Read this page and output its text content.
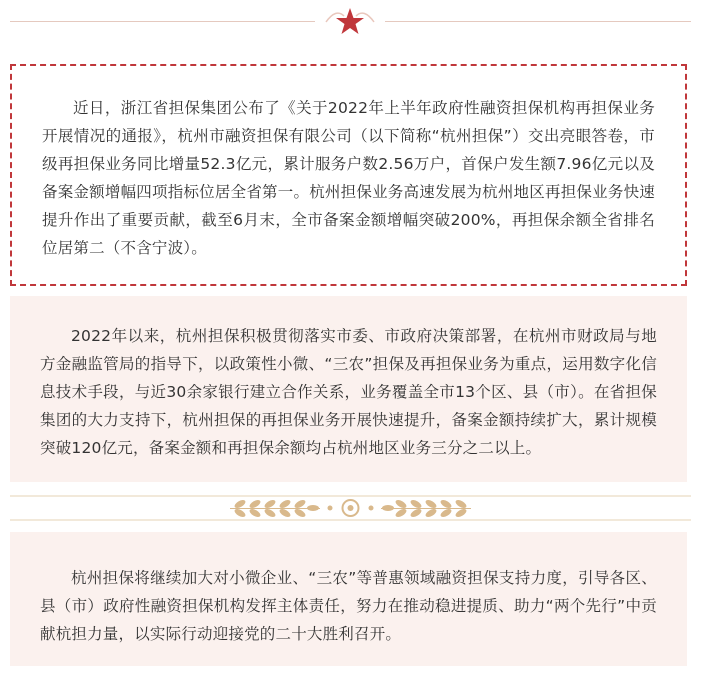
近日，浙江省担保集团公布了《关于2022年上半年政府性融资担保机构再担保业务开展情况的通报》，杭州市融资担保有限公司（以下简称“杭州担保”）交出亮眼答卷，市级再担保业务同比增量52.3亿元，累计服务户数2.56万户，首保户发生额7.96亿元以及备案金额增幅四项指标位居全省第一。杭州担保业务高速发展为杭州地区再担保业务快速提升作出了重要贡献，截至6月末，全市备案金额增幅突破200%，再担保余额全省排名位居第二（不含宁波）。

2022年以来，杭州担保积极贯彻落实市委、市政府决策部署，在杭州市财政局与地方金融监管局的指导下，以政策性小微、“三农”担保及再担保业务为重点，运用数字化信息技术手段，与近30余家银行建立合作关系，业务覆盖全市13个区、县（市）。在省担保集团的大力支持下，杭州担保的再担保业务开展快速提升，备案金额持续扩大，累计规模突破120亿元，备案金额和再担保余额均占杭州地区业务三分之二以上。

杭州担保将继续加大对小微企业、“三农”等普惠领域融资担保支持力度，引导各区、县（市）政府性融资担保机构发挥主体责任，努力在推动稳进提质、助力“两个先行”中贡献杭担力量，以实际行动迎接党的二十大胜利召开。
